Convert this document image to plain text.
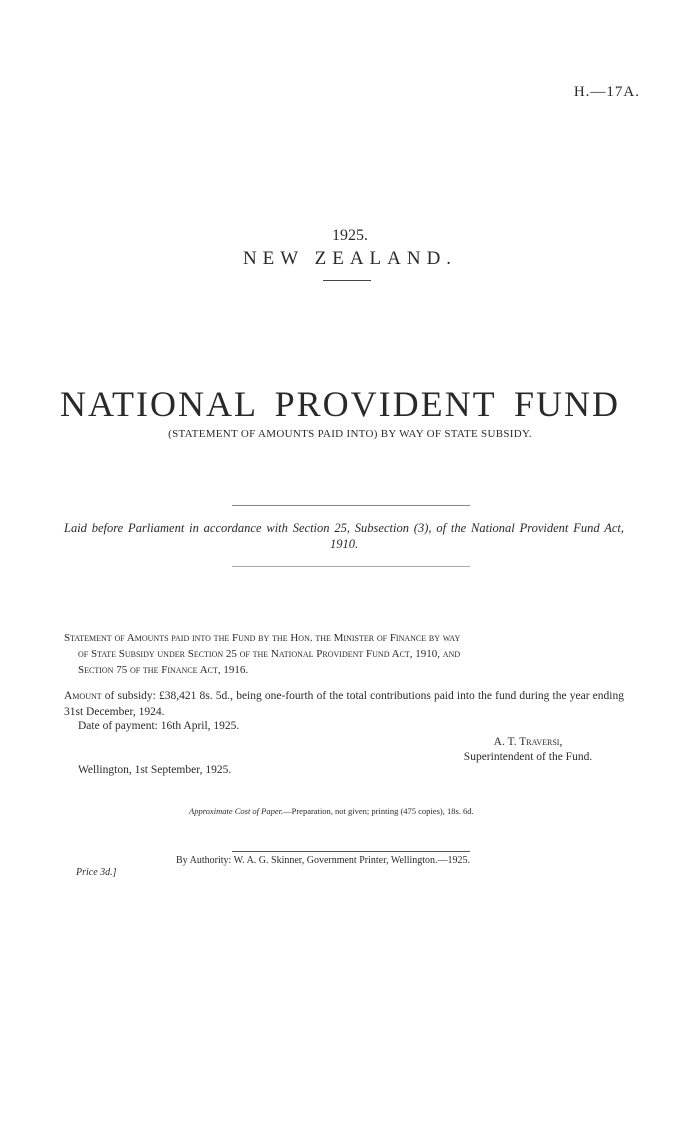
H.—17A.
1925.
NEW ZEALAND.
NATIONAL PROVIDENT FUND
(STATEMENT OF AMOUNTS PAID INTO) BY WAY OF STATE SUBSIDY.
Laid before Parliament in accordance with Section 25, Subsection (3), of the National Provident Fund Act, 1910.
Statement of Amounts paid into the Fund by the Hon. the Minister of Finance by way
of State Subsidy under Section 25 of the National Provident Fund Act, 1910, and
Section 75 of the Finance Act, 1916.
Amount of subsidy: £38,421 8s. 5d., being one-fourth of the total contributions paid into the fund during the year ending 31st December, 1924.
Date of payment: 16th April, 1925.
A. T. Traversi,
Superintendent of the Fund.
Wellington, 1st September, 1925.
Approximate Cost of Paper.—Preparation, not given; printing (475 copies), 18s. 6d.
By Authority: W. A. G. Skinner, Government Printer, Wellington.—1925.
Price 3d.]
